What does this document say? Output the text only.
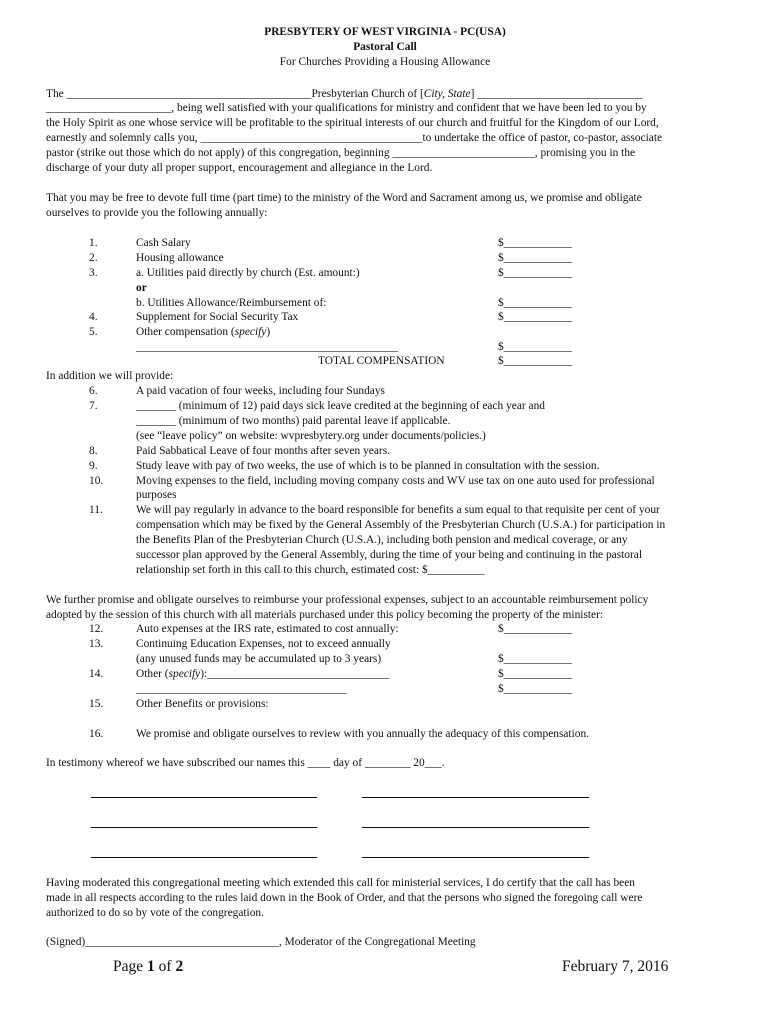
PRESBYTERY OF WEST VIRGINIA - PC(USA)
Pastoral Call
For Churches Providing a Housing Allowance
The ___________________________________________Presbyterian Church of [City, State] _____________________________
______________________, being well satisfied with your qualifications for ministry and confident that we have been led to you by
the Holy Spirit as one whose service will be profitable to the spiritual interests of our church and fruitful for the Kingdom of our Lord,
earnestly and solemnly calls you, _______________________________________to undertake the office of pastor, co-pastor, associate
pastor (strike out those which do not apply) of this congregation, beginning _________________________, promising you in the
discharge of your duty all proper support, encouragement and allegiance in the Lord.
That you may be free to devote full time (part time) to the ministry of the Word and Sacrament among us, we promise and obligate
ourselves to provide you the following annually:
1.	Cash Salary	$____________
2.	Housing allowance	$____________
3.	a. Utilities paid directly by church (Est. amount:)	$____________
or
b. Utilities Allowance/Reimbursement of:	$____________
4.	Supplement for Social Security Tax	$____________
5.	Other compensation (specify)
______________________________________________	$____________
TOTAL COMPENSATION	$____________
In addition we will provide:
6.	A paid vacation of four weeks, including four Sundays
7.	_______ (minimum of 12) paid days sick leave credited at the beginning of each year and
_______ (minimum of two months) paid parental leave if applicable.
(see “leave policy” on website: wvpresbytery.org under documents/policies.)
8.	Paid Sabbatical Leave of four months after seven years.
9.	Study leave with pay of two weeks, the use of which is to be planned in consultation with the session.
10.	Moving expenses to the field, including moving company costs and WV use tax on one auto used for professional
purposes
11.	We will pay regularly in advance to the board responsible for benefits a sum equal to that requisite per cent of your
compensation which may be fixed by the General Assembly of the Presbyterian Church (U.S.A.) for participation in
the Benefits Plan of the Presbyterian Church (U.S.A.), including both pension and medical coverage, or any
successor plan approved by the General Assembly, during the time of your being and continuing in the pastoral
relationship set forth in this call to this church, estimated cost: $__________
We further promise and obligate ourselves to reimburse your professional expenses, subject to an accountable reimbursement policy
adopted by the session of this church with all materials purchased under this policy becoming the property of the minister:
12.	Auto expenses at the IRS rate, estimated to cost annually:	$____________
13.	Continuing Education Expenses, not to exceed annually
(any unused funds may be accumulated up to 3 years)	$____________
14.	Other (specify):________________________________	$____________
_____________________________________	$____________
15.	Other Benefits or provisions:
16.	We promise and obligate ourselves to review with you annually the adequacy of this compensation.
In testimony whereof we have subscribed our names this ____ day of ________ 20___.
Having moderated this congregational meeting which extended this call for ministerial services, I do certify that the call has been
made in all respects according to the rules laid down in the Book of Order, and that the persons who signed the foregoing call were
authorized to do so by vote of the congregation.
(Signed)__________________________________, Moderator of the Congregational Meeting
Page 1 of 2	February 7, 2016
